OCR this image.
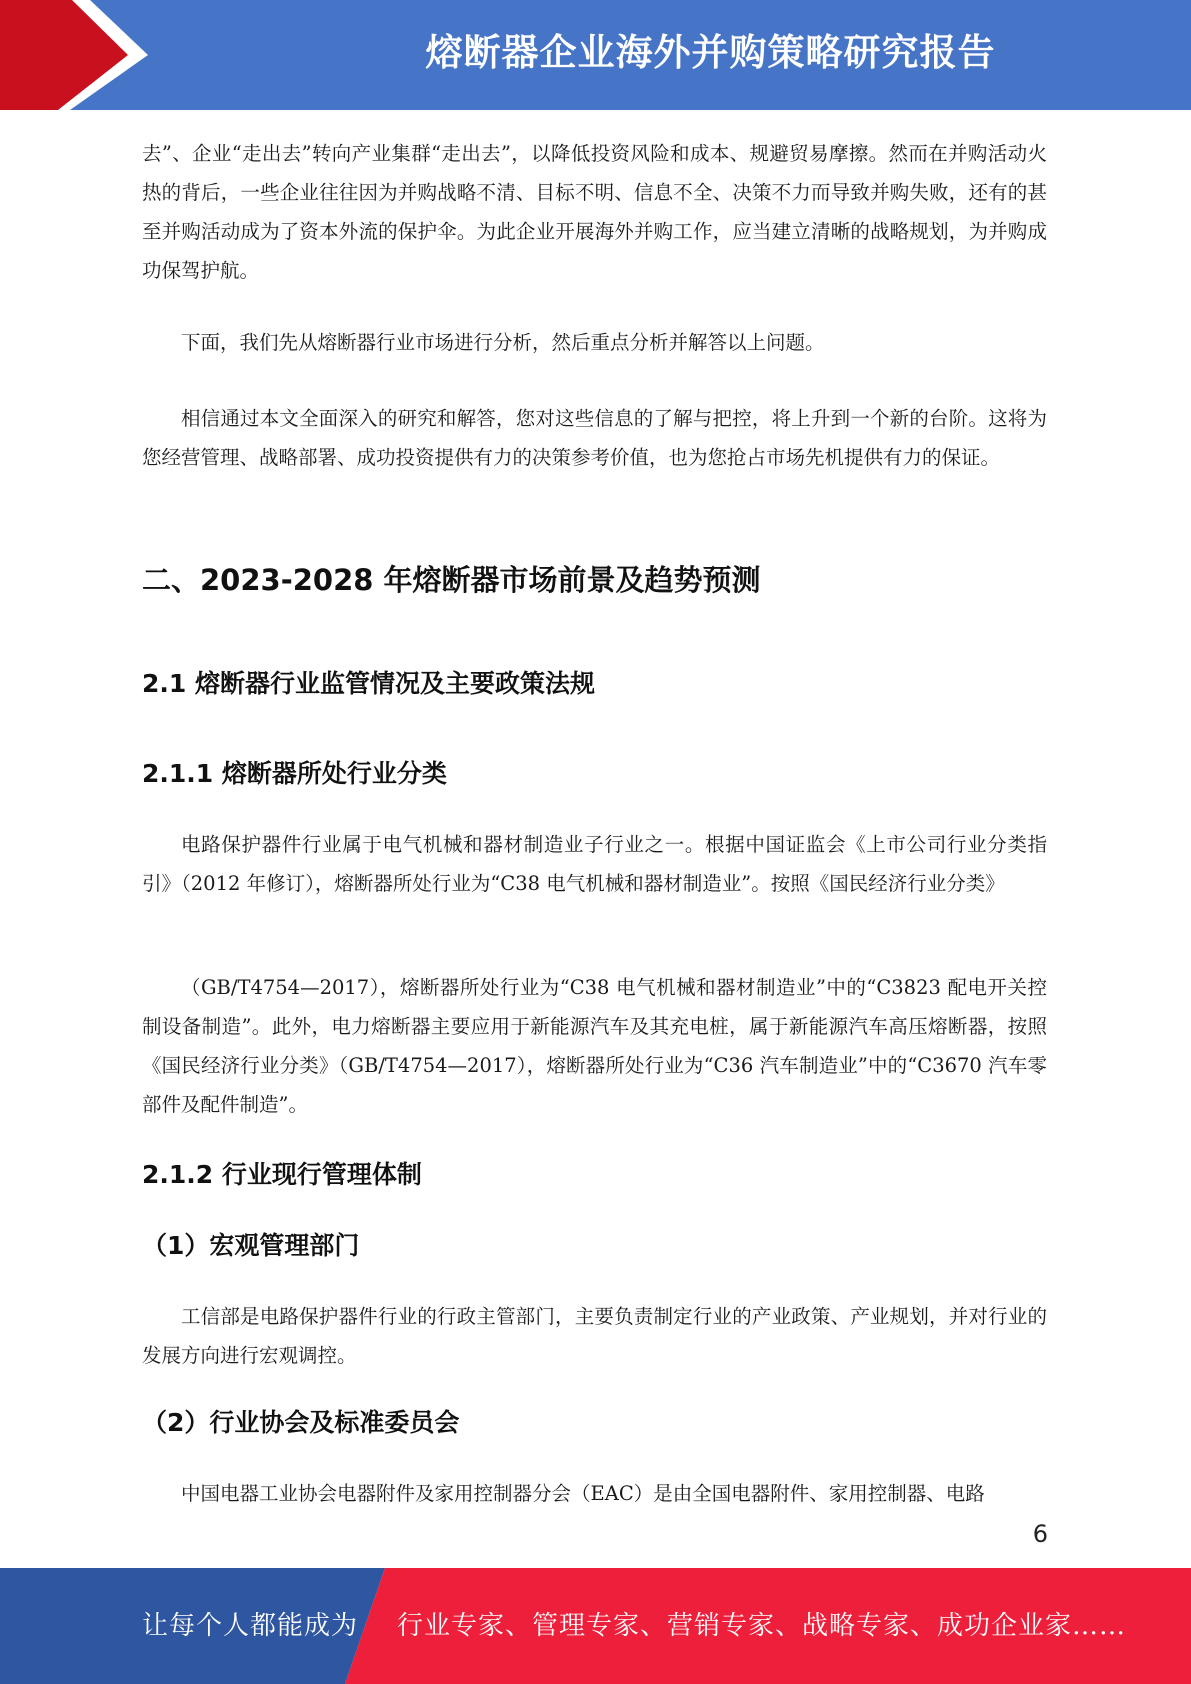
熔断器企业海外并购策略研究报告

去”、企业“走出去”转向产业集群“走出去”，以降低投资风险和成本、规避贸易摩擦。然而在并购活动火热的背后，一些企业往往因为并购战略不清、目标不明、信息不全、决策不力而导致并购失败，还有的甚至并购活动成为了资本外流的保护伞。为此企业开展海外并购工作，应当建立清晰的战略规划，为并购成功保驾护航。

下面，我们先从熔断器行业市场进行分析，然后重点分析并解答以上问题。

相信通过本文全面深入的研究和解答，您对这些信息的了解与把控，将上升到一个新的台阶。这将为您经营管理、战略部署、成功投资提供有力的决策参考价值，也为您抢占市场先机提供有力的保证。

二、2023-2028 年熔断器市场前景及趋势预测
2.1 熔断器行业监管情况及主要政策法规
2.1.1 熔断器所处行业分类

电路保护器件行业属于电气机械和器材制造业子行业之一。根据中国证监会《上市公司行业分类指引》（2012 年修订），熔断器所处行业为“C38 电气机械和器材制造业”。按照《国民经济行业分类》

（GB/T4754—2017），熔断器所处行业为“C38 电气机械和器材制造业”中的“C3823 配电开关控制设备制造”。此外，电力熔断器主要应用于新能源汽车及其充电桩，属于新能源汽车高压熔断器，按照《国民经济行业分类》（GB/T4754—2017），熔断器所处行业为“C36 汽车制造业”中的“C3670 汽车零部件及配件制造”。

2.1.2 行业现行管理体制
（1）宏观管理部门

工信部是电路保护器件行业的行政主管部门，主要负责制定行业的产业政策、产业规划，并对行业的发展方向进行宏观调控。

（2）行业协会及标准委员会

中国电器工业协会电器附件及家用控制器分会（EAC）是由全国电器附件、家用控制器、电路

6
让每个人都能成为 行业专家、管理专家、营销专家、战略专家、成功企业家……
